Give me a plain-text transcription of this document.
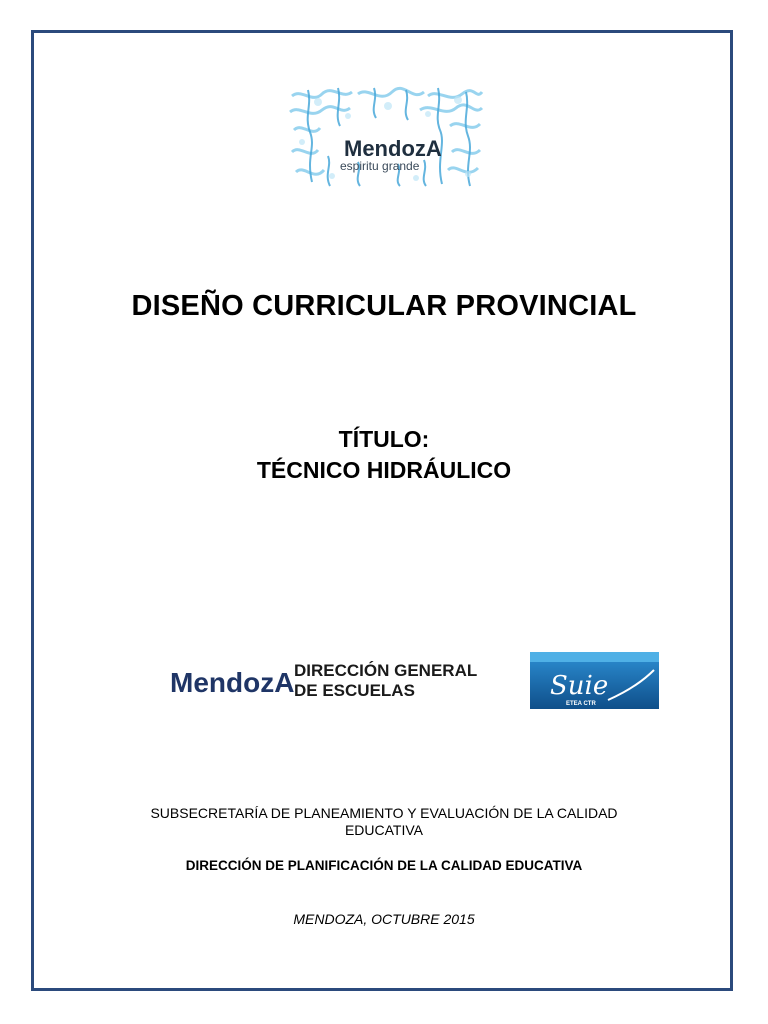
MendozA
espiritu grande
DISEÑO CURRICULAR PROVINCIAL
TÍTULO:
TÉCNICO HIDRÁULICO
MendozA DIRECCIÓN GENERAL
DE ESCUELAS	Suie
ETEA CTR
SUBSECRETARÍA DE PLANEAMIENTO Y EVALUACIÓN DE LA CALIDAD EDUCATIVA
DIRECCIÓN DE PLANIFICACIÓN DE LA CALIDAD EDUCATIVA
MENDOZA, OCTUBRE 2015
